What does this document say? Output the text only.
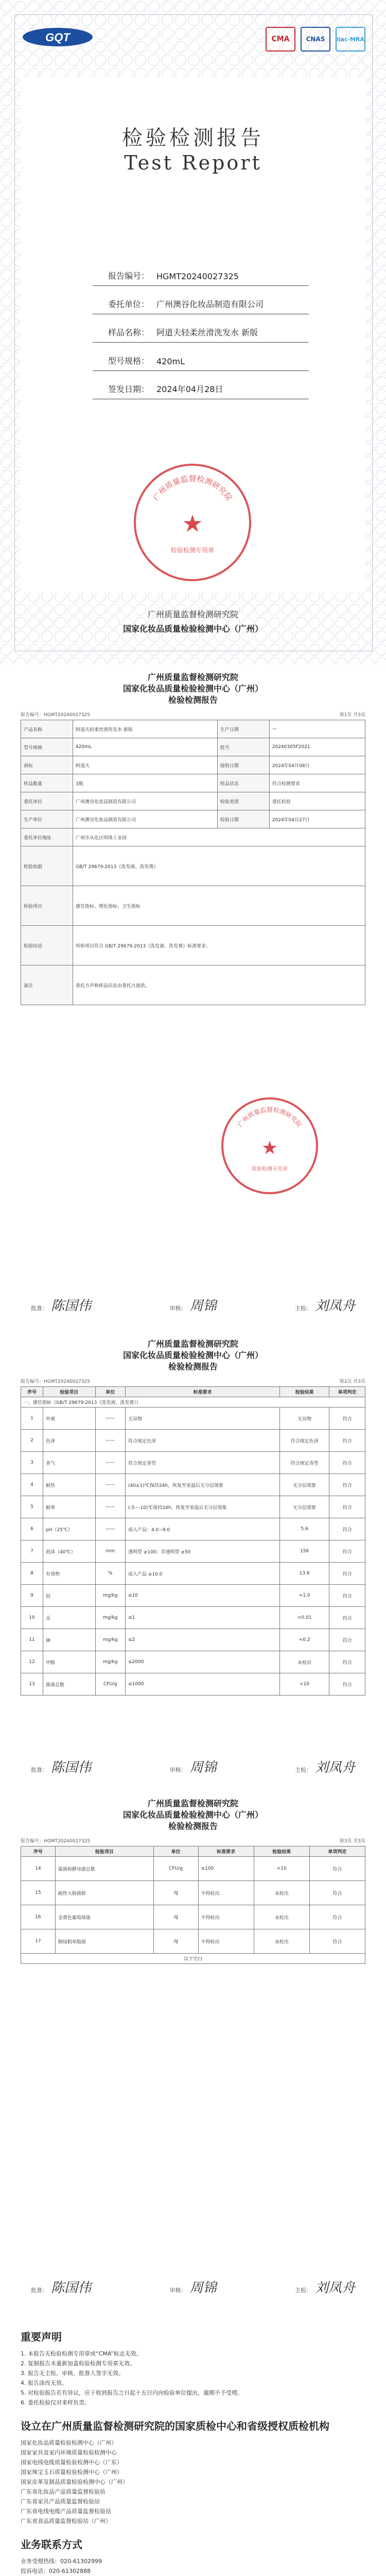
GQT	CMA	CNAS	ilac-MRA
检验检测报告
Test Report
报告编号： HGMT20240027325
委托单位： 广州澳谷化妆品制造有限公司
样品名称： 阿道夫轻柔丝滑洗发水 新版
型号规格： 420mL
签发日期： 2024年04月28日
广州质量监督检测研究院
★
检验检测专用章
广州质量监督检测研究院
国家化妆品质量检验检测中心（广州）
广州质量监督检测研究院
国家化妆品质量检验检测中心（广州）
检验检测报告
报告编号：HGMT20240027325	第1页 共3页
产品名称	阿道夫轻柔丝滑洗发水 新版	生产日期	—
型号规格	420mL	批号	20240305F2021
商标	阿道夫	接收日期	2024年04月08日
样品数量	3瓶	样品状态	符合检测要求
委托单位	广州澳谷化妆品制造有限公司	检验类别	委托检验
生产单位	广州澳谷化妆品制造有限公司	检验日期	2024年04月27日
委托单位地址	广州市从化区明珠工业园		
检验依据	GB/T 29679-2013《洗发液、洗发膏》		
检验项目	感官指标、理化指标、卫生指标		
检验结论	所检项目符合 GB/T 29679-2013《洗发液、洗发膏》标准要求。		
备注	委托方声称样品信息由委托方提供。		
广州质量监督检测研究院
★
检验检测专用章
批准： 陈国伟	审核： 周锦	主检： 刘凤舟
广州质量监督检测研究院
国家化妆品质量检验检测中心（广州）
检验检测报告
报告编号：HGMT20240027325	第2页 共3页
序号	检验项目	单位	标准要求	检验结果	单项判定
一、感官指标（GB/T 29679-2013《洗发液、洗发膏》）					
1	外观	——	无异物	无异物	符合
2	色泽	——	符合规定色泽	符合规定色泽	符合
3	香气	——	符合规定香型	符合规定香型	符合
4	耐热	——	(40±1)℃保持24h，恢复至室温后无分层现象	无分层现象	符合
5	耐寒	——	(-5~-10)℃保持24h，恢复至室温后无分层现象	无分层现象	符合
6	pH（25℃）	——	成人产品：4.0~9.0	5.6	符合
7	泡沫（40℃）	mm	透明型 ≥100；非透明型 ≥50	156	符合
8	有效物	%	成人产品 ≥10.0	13.6	符合
9	铅	mg/kg	≤10	<1.0	符合
10	汞	mg/kg	≤1	<0.01	符合
11	砷	mg/kg	≤2	<0.2	符合
12	甲醇	mg/kg	≤2000	未检出	符合
13	菌落总数	CFU/g	≤1000	<10	符合
批准： 陈国伟	审核： 周锦	主检： 刘凤舟
广州质量监督检测研究院
国家化妆品质量检验检测中心（广州）
检验检测报告
报告编号：HGMT20240027325	第3页 共3页
序号	检验项目	单位	标准要求	检验结果	单项判定
14	霉菌和酵母菌总数	CFU/g	≤100	<10	符合
15	耐热大肠菌群	/g	不得检出	未检出	符合
16	金黄色葡萄球菌	/g	不得检出	未检出	符合
17	铜绿假单胞菌	/g	不得检出	未检出	符合
以下空白					
批准： 陈国伟	审核： 周锦	主检： 刘凤舟
重要声明
1. 本报告无检验检测专用章或“CMA”标志无效。
2. 复制报告未重新加盖检验检测专用章无效。
3. 报告无主检、审核、批准人签字无效。
4. 报告涂改无效。
5. 对检验报告若有异议，应于收到报告之日起十五日内向检验单位提出，逾期不予受理。
6. 委托检验仅对来样负责。
设立在广州质量监督检测研究院的国家质检中心和省级授权质检机构
国家化妆品质量检验检测中心（广州）
国家家具及室内环境质量检验检测中心
国家电线电缆质量检验检测中心（广东）
国家珠宝玉石质量检验检测中心（广州）
国家皮革及制品质量检验检测中心（广州）
广东省化妆品产品质量监督检验站
广东省家具产品质量监督检验站
广东省电线电缆产品质量监督检验站
广东省食品质量监督检验站（广州）
业务联系方式
业务受理热线：020-61302999
投诉电话：020-61302888
